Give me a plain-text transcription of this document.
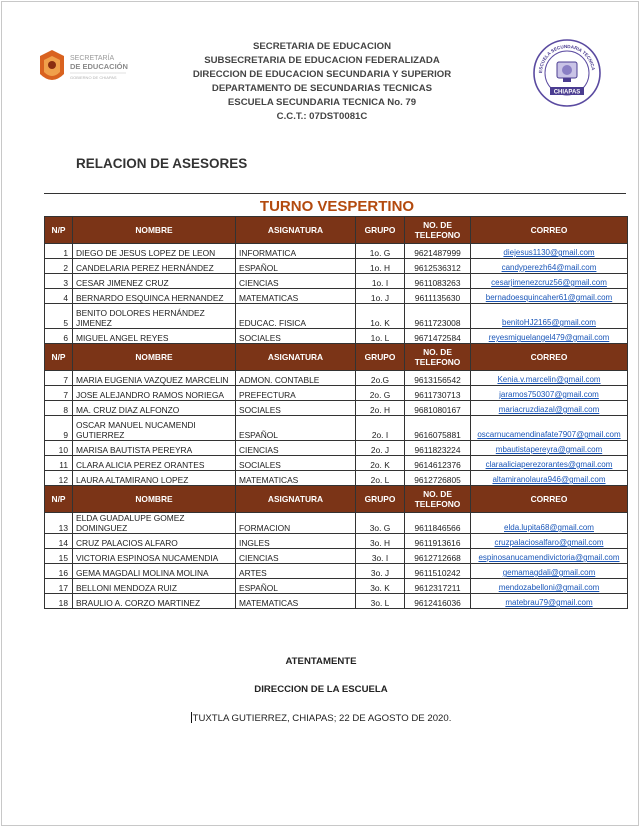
SECRETARÍA
DE EDUCACIÓN
GOBIERNO DE CHIAPAS
ESCUELA SECUNDARIA TECNICA
CHIAPAS
SECRETARIA DE EDUCACION
SUBSECRETARIA DE EDUCACION FEDERALIZADA
DIRECCION DE EDUCACION SECUNDARIA Y SUPERIOR
DEPARTAMENTO DE SECUNDARIAS TECNICAS
ESCUELA SECUNDARIA TECNICA No. 79
C.C.T.: 07DST0081C
RELACION DE ASESORES
TURNO VESPERTINO
N/P	NOMBRE	ASIGNATURA	GRUPO	NO. DE TELEFONO	CORREO
1	DIEGO DE JESUS LOPEZ DE LEON	INFORMATICA	1o. G	9621487999	diejesus1130@gmail.com
2	CANDELARIA PEREZ HERNÁNDEZ	ESPAÑOL	1o. H	9612536312	candyperezh64@mail.com
3	CESAR JIMENEZ CRUZ	CIENCIAS	1o. I	9611083263	cesarjimenezcruz56@gmail.com
4	BERNARDO ESQUINCA HERNANDEZ	MATEMATICAS	1o. J	9611135630	bernadoesquincaher61@gmail.com
5	BENITO DOLORES HERNÁNDEZ JIMENEZ	EDUCAC. FISICA	1o. K	9611723008	benitoHJ2165@gmail.com
6	MIGUEL ANGEL REYES	SOCIALES	1o. L	9671472584	reyesmiguelangel479@gmail.com
N/P	NOMBRE	ASIGNATURA	GRUPO	NO. DE TELEFONO	CORREO
7	MARIA EUGENIA VAZQUEZ MARCELIN	ADMON. CONTABLE	2o.G	9613156542	Kenia.v.marcelin@gmail.com
7	JOSE ALEJANDRO RAMOS NORIEGA	PREFECTURA	2o. G	9611730713	jaramos750307@gmail.com
8	MA. CRUZ DIAZ ALFONZO	SOCIALES	2o. H	9681080167	mariacruzdiazal@gmail.com
9	OSCAR MANUEL NUCAMENDI GUTIERREZ	ESPAÑOL	2o. I	9616075881	oscarnucamendinafate7907@gmail.com
10	MARISA BAUTISTA PEREYRA	CIENCIAS	2o. J	9611823224	mbautistapereyra@gmail.com
11	CLARA ALICIA PEREZ ORANTES	SOCIALES	2o. K	9614612376	claraaliciaperezorantes@gmail.com
12	LAURA ALTAMIRANO LOPEZ	MATEMATICAS	2o. L	9612726805	altamiranolaura946@gmail.com
N/P	NOMBRE	ASIGNATURA	GRUPO	NO. DE TELEFONO	CORREO
13	ELDA GUADALUPE GOMEZ DOMINGUEZ	FORMACION	3o. G	9611846566	elda.lupita68@gmail.com
14	CRUZ PALACIOS ALFARO	INGLES	3o. H	9611913616	cruzpalaciosalfaro@gmail.com
15	VICTORIA ESPINOSA NUCAMENDIA	CIENCIAS	3o. I	9612712668	espinosanucamendivictoria@gmail.com
16	GEMA MAGDALI MOLINA MOLINA	ARTES	3o. J	9611510242	gemamagdali@gmail.com
17	BELLONI MENDOZA RUIZ	ESPAÑOL	3o. K	9612317211	mendozabelloni@gmail.com
18	BRAULIO A. CORZO MARTINEZ	MATEMATICAS	3o. L	9612416036	matebrau79@gmail.com
ATENTAMENTE
DIRECCION DE LA ESCUELA
TUXTLA GUTIERREZ, CHIAPAS; 22 DE AGOSTO DE 2020.
